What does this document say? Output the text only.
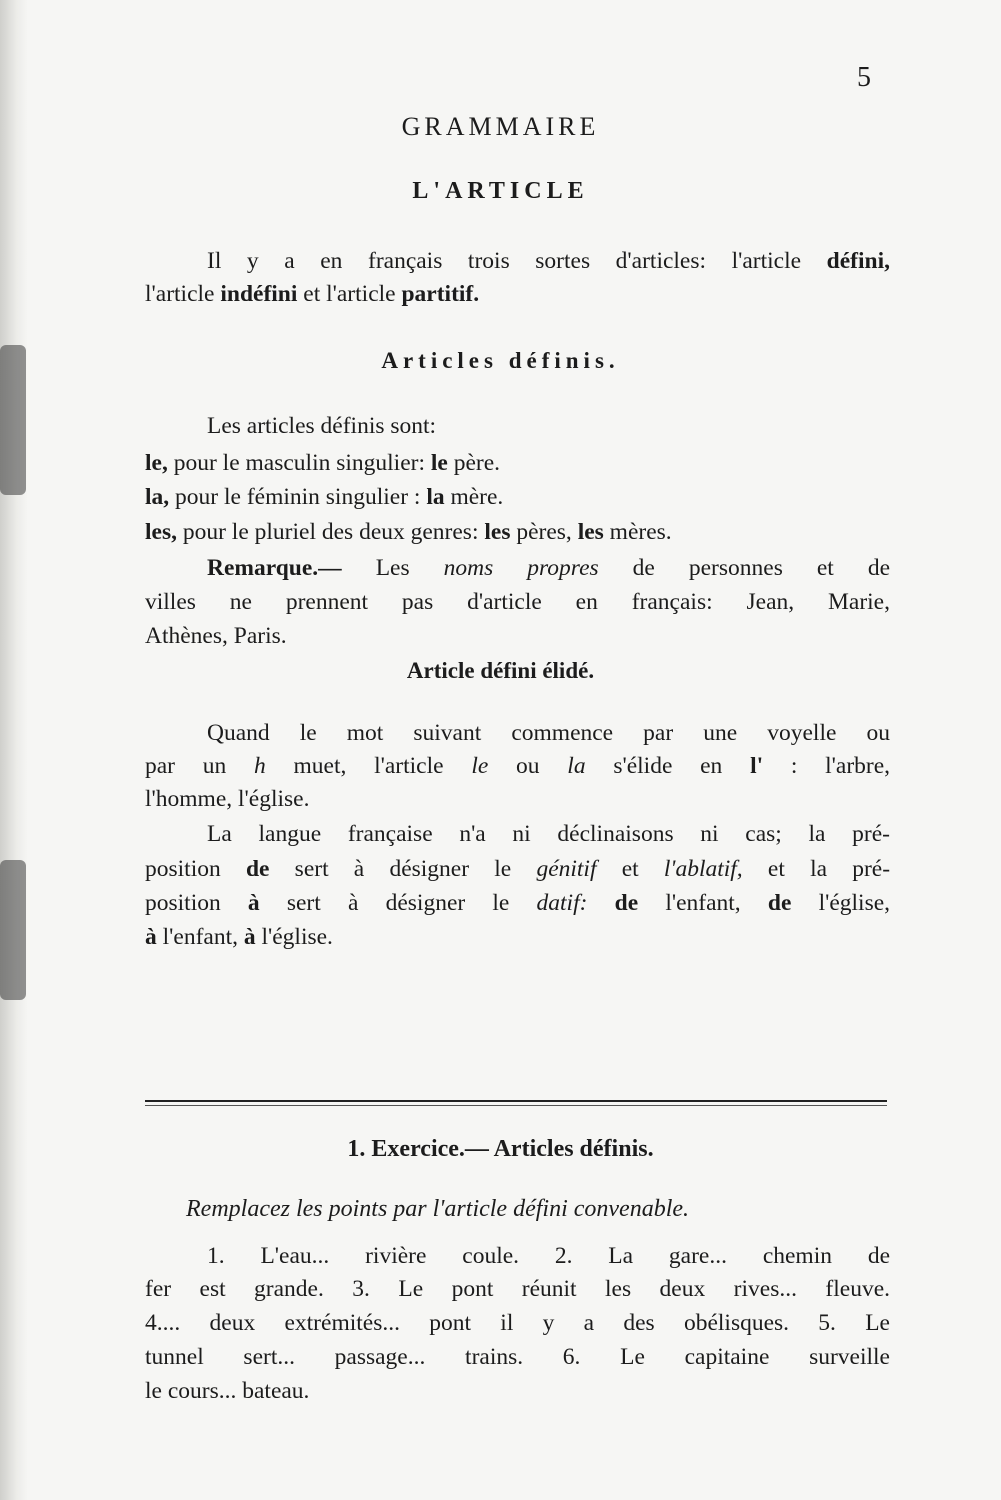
5
GRAMMAIRE
L'ARTICLE
Il y a en français trois sortes d'articles: l'article défini,
l'article indéfini et l'article partitif.
Articles définis.
Les articles définis sont:
le, pour le masculin singulier: le père.
la, pour le féminin singulier : la mère.
les, pour le pluriel des deux genres: les pères, les mères.
Remarque.— Les noms propres de personnes et de
villes ne prennent pas d'article en français: Jean, Marie,
Athènes, Paris.
Article défini élidé.
Quand le mot suivant commence par une voyelle ou
par un h muet, l'article le ou la s'élide en l' : l'arbre,
l'homme, l'église.
La langue française n'a ni déclinaisons ni cas; la pré-
position de sert à désigner le génitif et l'ablatif, et la pré-
position à sert à désigner le datif: de l'enfant, de l'église,
à l'enfant, à l'église.
1. Exercice.— Articles définis.
Remplacez les points par l'article défini convenable.
1. L'eau... rivière coule. 2. La gare... chemin de
fer est grande. 3. Le pont réunit les deux rives... fleuve.
4.... deux extrémités... pont il y a des obélisques. 5. Le
tunnel sert... passage... trains. 6. Le capitaine surveille
le cours... bateau.
